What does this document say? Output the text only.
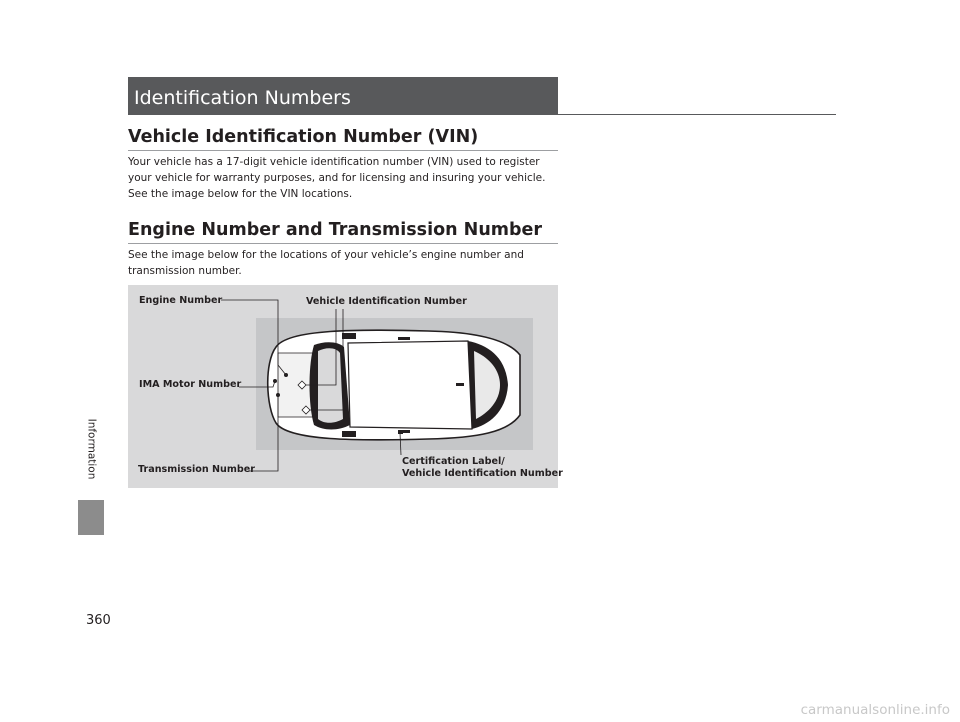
Information
360
Identification Numbers
Vehicle Identification Number (VIN)

Your vehicle has a 17-digit vehicle identification number (VIN) used to register your vehicle for warranty purposes, and for licensing and insuring your vehicle. See the image below for the VIN locations.

Engine Number and Transmission Number

See the image below for the locations of your vehicle’s engine number and transmission number.

Engine Number	Vehicle Identification Number
IMA Motor Number
Transmission Number
Certification Label/
Vehicle Identification Number
carmanualsonline.info
